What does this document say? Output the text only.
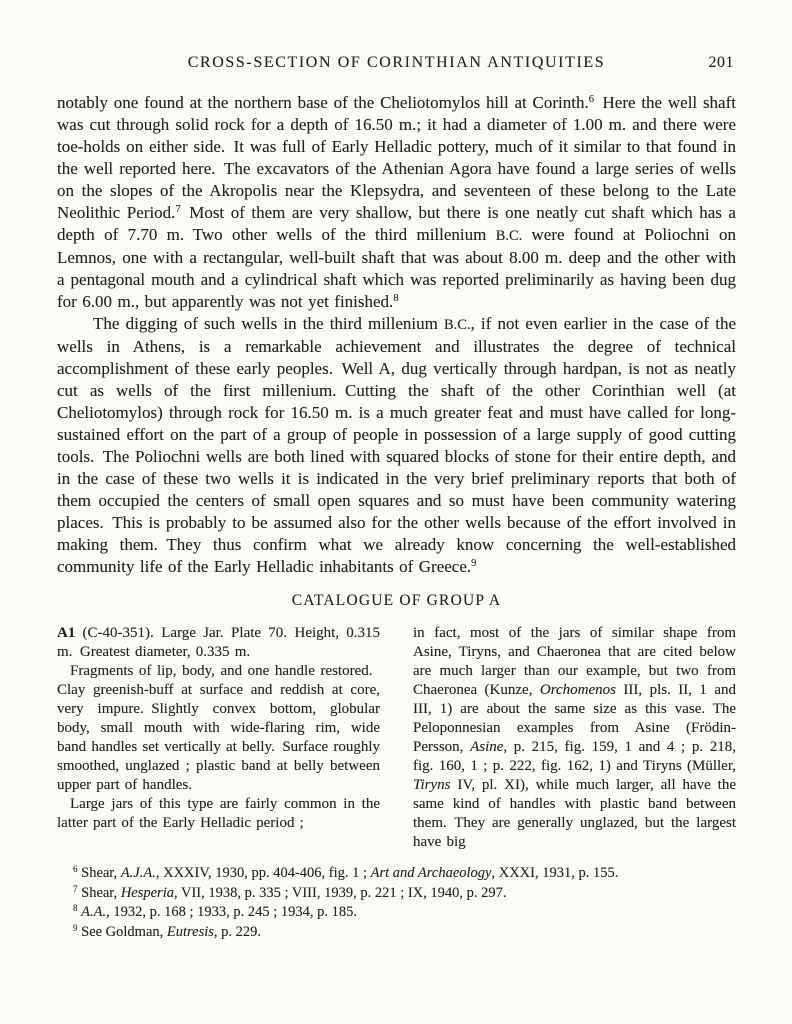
CROSS-SECTION OF CORINTHIAN ANTIQUITIES	201

notably one found at the northern base of the Cheliotomylos hill at Corinth.$^6$ Here the well shaft was cut through solid rock for a depth of 16.50 m.; it had a diameter of 1.00 m. and there were toe-holds on either side. It was full of Early Helladic pottery, much of it similar to that found in the well reported here. The excavators of the Athenian Agora have found a large series of wells on the slopes of the Akropolis near the Klepsydra, and seventeen of these belong to the Late Neolithic Period.$^7$ Most of them are very shallow, but there is one neatly cut shaft which has a depth of 7.70 m. Two other wells of the third millenium B.C. were found at Poliochni on Lemnos, one with a rectangular, well-built shaft that was about 8.00 m. deep and the other with a pentagonal mouth and a cylindrical shaft which was reported preliminarily as having been dug for 6.00 m., but apparently was not yet finished.$^8$

The digging of such wells in the third millenium B.C., if not even earlier in the case of the wells in Athens, is a remarkable achievement and illustrates the degree of technical accomplishment of these early peoples. Well A, dug vertically through hardpan, is not as neatly cut as wells of the first millenium. Cutting the shaft of the other Corinthian well (at Cheliotomylos) through rock for 16.50 m. is a much greater feat and must have called for long-sustained effort on the part of a group of people in possession of a large supply of good cutting tools. The Poliochni wells are both lined with squared blocks of stone for their entire depth, and in the case of these two wells it is indicated in the very brief preliminary reports that both of them occupied the centers of small open squares and so must have been community watering places. This is probably to be assumed also for the other wells because of the effort involved in making them. They thus confirm what we already know concerning the well-established community life of the Early Helladic inhabitants of Greece.$^9$

CATALOGUE OF GROUP A

A1 (C-40-351). Large Jar. Plate 70. Height, 0.315 m. Greatest diameter, 0.335 m.

Fragments of lip, body, and one handle restored. Clay greenish-buff at surface and reddish at core, very impure. Slightly convex bottom, globular body, small mouth with wide-flaring rim, wide band handles set vertically at belly. Surface roughly smoothed, unglazed ; plastic band at belly between upper part of handles.

Large jars of this type are fairly common in the latter part of the Early Helladic period ;

in fact, most of the jars of similar shape from Asine, Tiryns, and Chaeronea that are cited below are much larger than our example, but two from Chaeronea (Kunze, Orchomenos III, pls. II, 1 and III, 1) are about the same size as this vase. The Peloponnesian examples from Asine (Frödin-Persson, Asine, p. 215, fig. 159, 1 and 4 ; p. 218, fig. 160, 1 ; p. 222, fig. 162, 1) and Tiryns (Müller, Tiryns IV, pl. XI), while much larger, all have the same kind of handles with plastic band between them. They are generally unglazed, but the largest have big

$^6$ Shear, A.J.A., XXXIV, 1930, pp. 404-406, fig. 1 ; Art and Archaeology, XXXI, 1931, p. 155.

$^7$ Shear, Hesperia, VII, 1938, p. 335 ; VIII, 1939, p. 221 ; IX, 1940, p. 297.

$^8$ A.A., 1932, p. 168 ; 1933, p. 245 ; 1934, p. 185.

$^9$ See Goldman, Eutresis, p. 229.
